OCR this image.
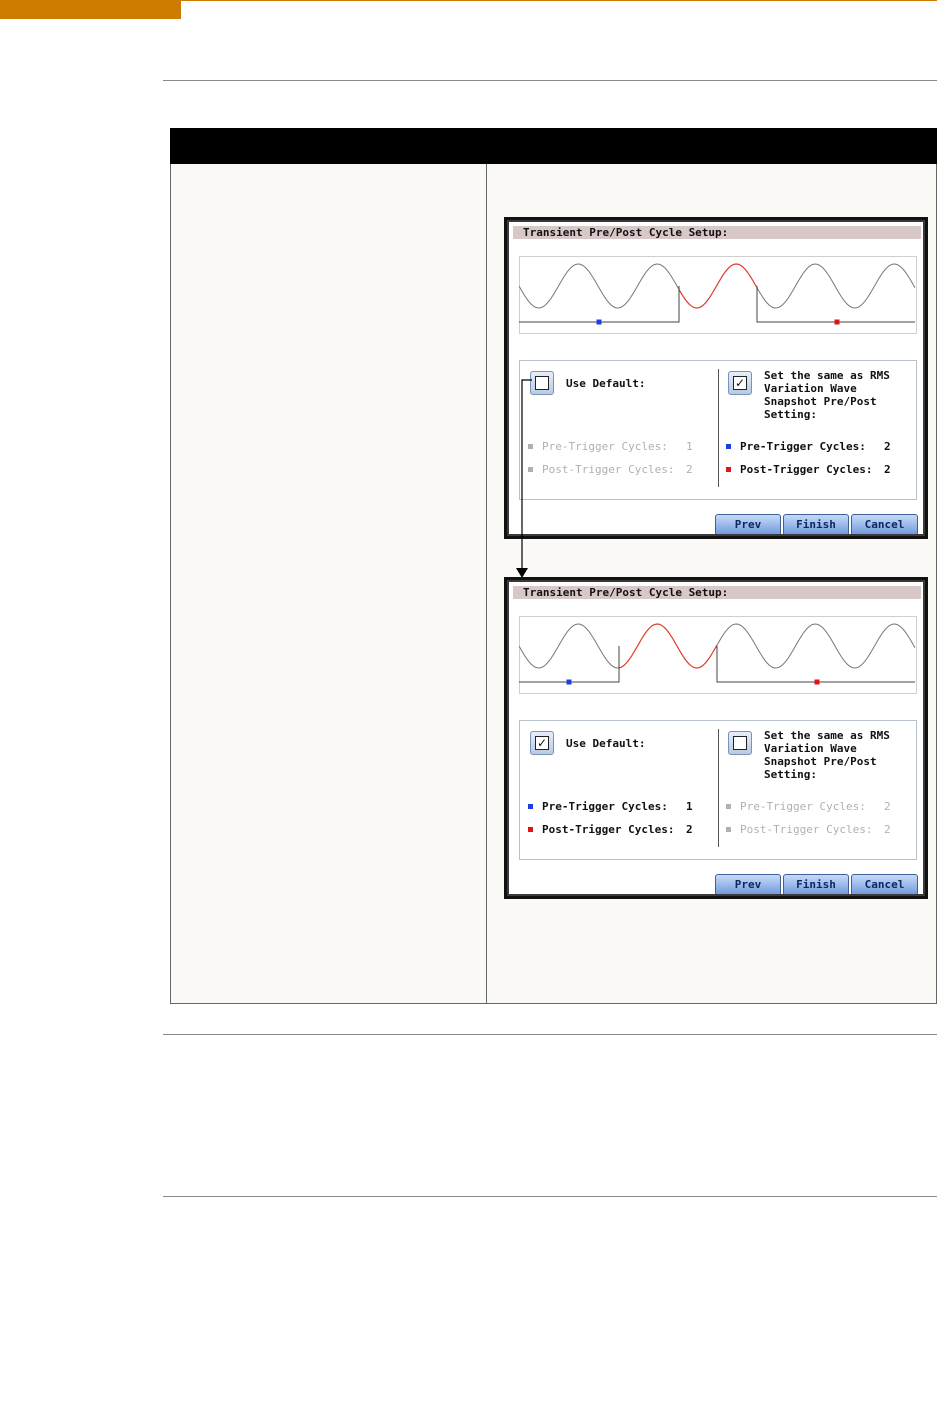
Transient Pre/Post Cycle Setup:
Use Default:	✓
Set the same as RMS
Variation Wave
Snapshot Pre/Post
Setting:
Pre-Trigger Cycles: 1
Post-Trigger Cycles: 2
Pre-Trigger Cycles: 2
Post-Trigger Cycles: 2
Prev	Finish	Cancel
Transient Pre/Post Cycle Setup:
✓ Use Default:
Set the same as RMS
Variation Wave
Snapshot Pre/Post
Setting:
Pre-Trigger Cycles: 1
Post-Trigger Cycles: 2
Pre-Trigger Cycles: 2
Post-Trigger Cycles: 2
Prev	Finish	Cancel
